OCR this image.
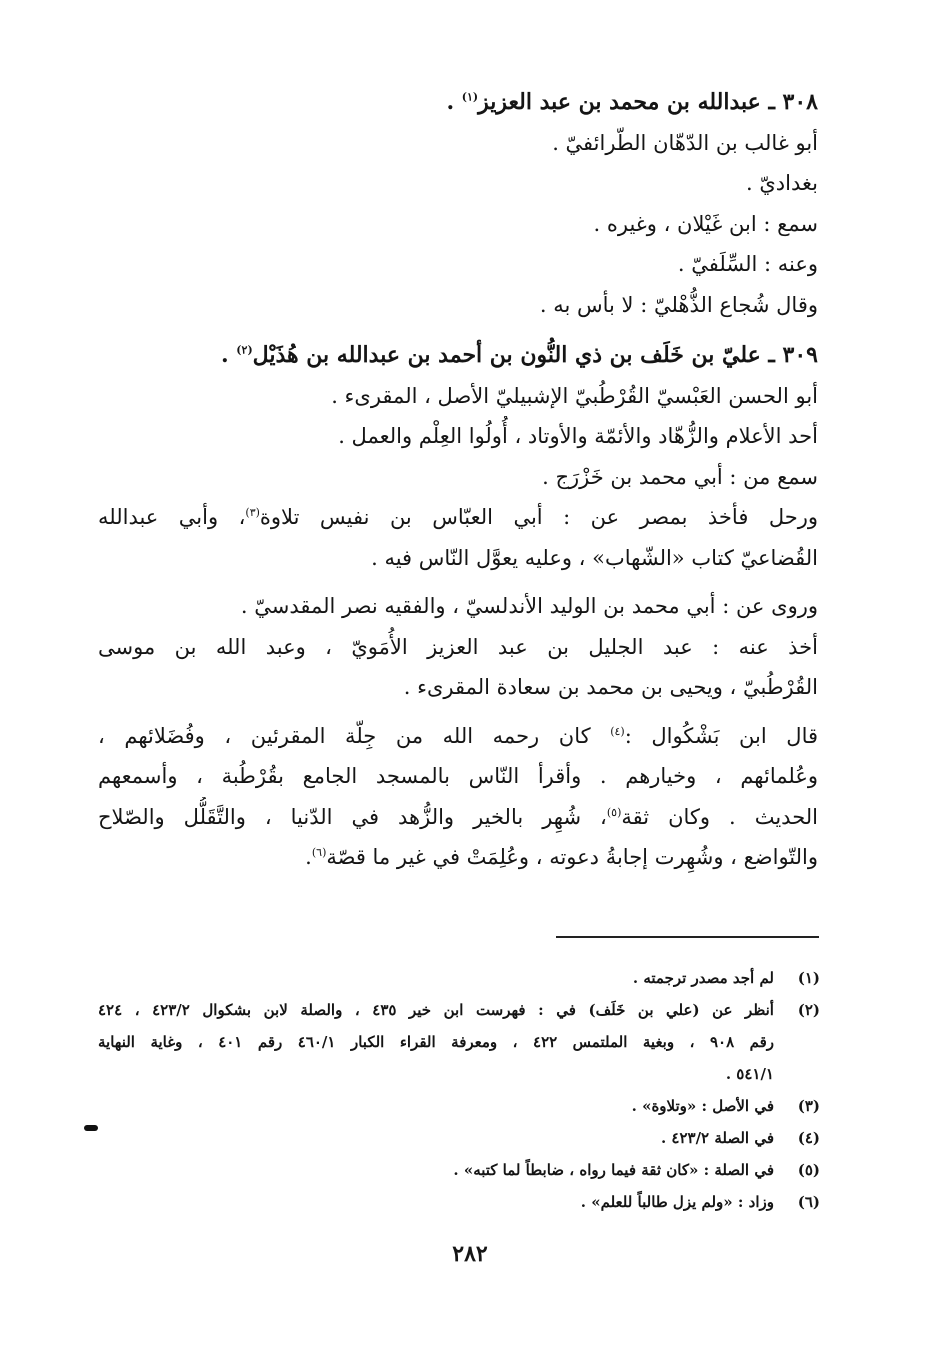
٣٠٨ ـ عبدالله بن محمد بن عبد العزيز$^{(١)}$ .
أبو غالب بن الدّهّان الطّرائفيّ .
بغداديّ .
سمع : ابن غَيْلان ، وغيره .
وعنه : السِّلَفيّ .
وقال شُجاع الذُّهْليّ : لا بأس به .
٣٠٩ ـ عليّ بن خَلَف بن ذي النُّون بن أحمد بن عبدالله بن هُذَيْل$^{(٢)}$ .
أبو الحسن العَبْسيّ القُرْطُبيّ الإشبيليّ الأصل ، المقرىء .
أحد الأعلام والزُّهّاد والأئمّة والأوتاد ، أُولُوا العِلْم والعمل .
سمع من : أبي محمد بن خَزْرَج .
ورحل فأخذ بمصر عن : أبي العبّاس بن نفيس تلاوة$^{(٣)}$، وأبي عبدالله
القُضاعيّ كتاب «الشّهاب» ، وعليه يعوَّل النّاس فيه .
وروى عن : أبي محمد بن الوليد الأندلسيّ ، والفقيه نصر المقدسيّ .
أخذ عنه : عبد الجليل بن عبد العزيز الأُمَويّ ، وعبد الله بن موسى
القُرْطُبيّ ، ويحيى بن محمد بن سعادة المقرىء .
قال ابن بَشْكُوال :$^{(٤)}$ كان رحمه الله من جِلّة المقرئين ، وفُضَلائهم ،
وعُلمائهم ، وخيارهم . وأقرأ النّاس بالمسجد الجامع بقُرْطُبة ، وأسمعهم
الحديث . وكان ثقة$^{(٥)}$، شُهِر بالخير والزُّهد في الدّنيا ، والتَّقَلُّل والصّلاح
والتّواضع ، وشُهِرت إجابةُ دعوته ، وعُلِمَتْ في غير ما قصّة$^{(٦)}$.
(١)
لم أجد مصدر ترجمته .
(٢)
أنظر عن (علي بن خَلَف) في : فهرست ابن خير ٤٣٥ ، والصلة لابن بشكوال ٤٢٣/٢ ، ٤٢٤
رقم ٩٠٨ ، وبغية الملتمس ٤٢٢ ، ومعرفة القراء الكبار ٤٦٠/١ رقم ٤٠١ ، وغاية النهاية
٥٤١/١ .
(٣)
في الأصل : «وتلاوة» .
(٤)
في الصلة ٤٢٣/٢ .
(٥)
في الصلة : «كان ثقة فيما رواه ، ضابطاً لما كتبه» .
(٦)
وزاد : «ولم يزل طالباً للعلم» .
٢٨٢
